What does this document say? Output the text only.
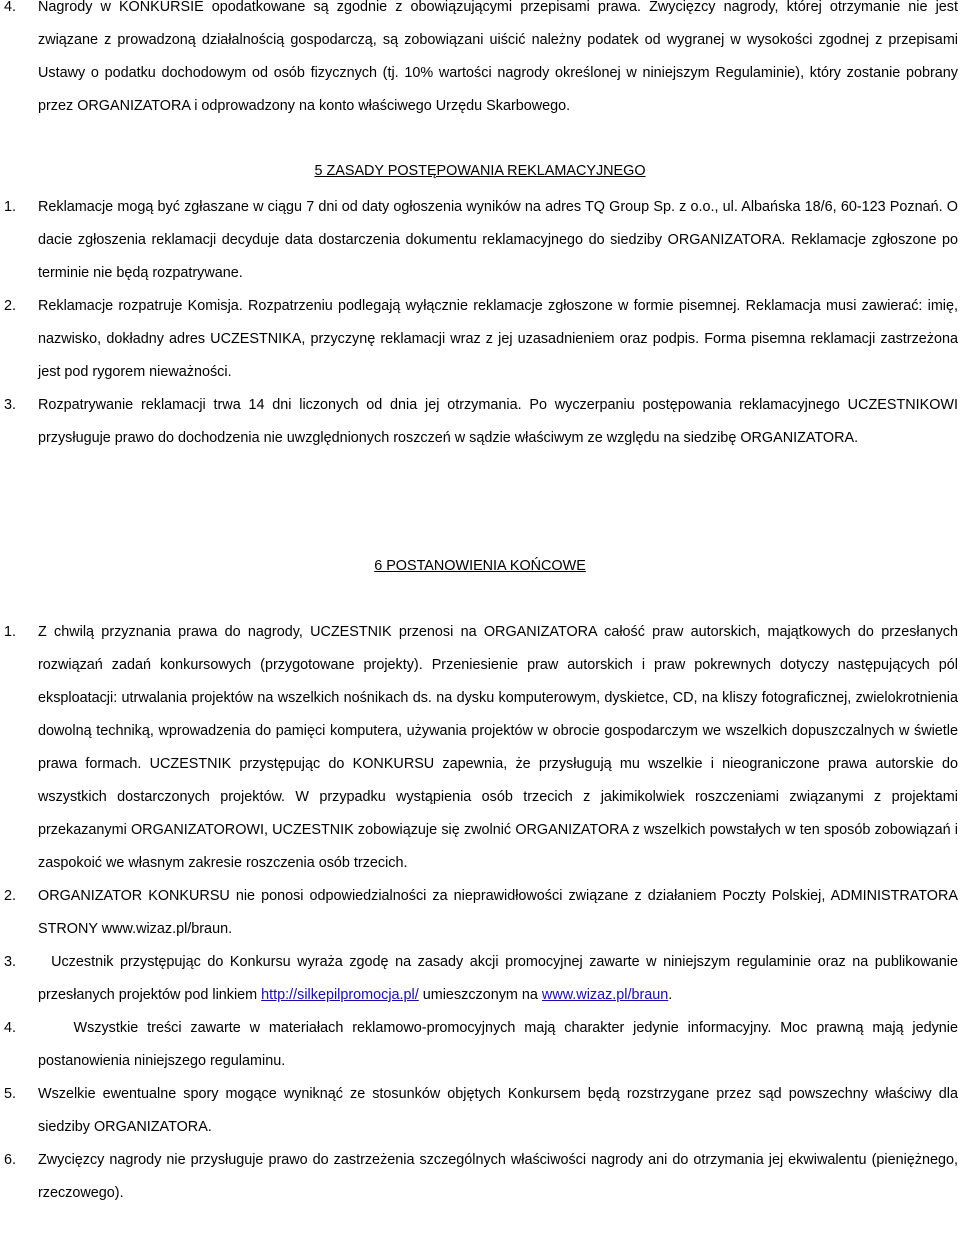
4. Nagrody w KONKURSIE opodatkowane są zgodnie z obowiązującymi przepisami prawa. Zwycięzcy nagrody, której otrzymanie nie jest związane z prowadzoną działalnością gospodarczą, są zobowiązani uiścić należny podatek od wygranej w wysokości zgodnej z przepisami Ustawy o podatku dochodowym od osób fizycznych (tj. 10% wartości nagrody określonej w niniejszym Regulaminie), który zostanie pobrany przez ORGANIZATORA i odprowadzony na konto właściwego Urzędu Skarbowego.
5 ZASADY POSTĘPOWANIA REKLAMACYJNEGO
1. Reklamacje mogą być zgłaszane w ciągu 7 dni od daty ogłoszenia wyników na adres TQ Group Sp. z o.o., ul. Albańska 18/6, 60-123 Poznań. O dacie zgłoszenia reklamacji decyduje data dostarczenia dokumentu reklamacyjnego do siedziby ORGANIZATORA. Reklamacje zgłoszone po terminie nie będą rozpatrywane.
2. Reklamacje rozpatruje Komisja. Rozpatrzeniu podlegają wyłącznie reklamacje zgłoszone w formie pisemnej. Reklamacja musi zawierać: imię, nazwisko, dokładny adres UCZESTNIKA, przyczynę reklamacji wraz z jej uzasadnieniem oraz podpis. Forma pisemna reklamacji zastrzeżona jest pod rygorem nieważności.
3. Rozpatrywanie reklamacji trwa 14 dni liczonych od dnia jej otrzymania. Po wyczerpaniu postępowania reklamacyjnego UCZESTNIKOWI przysługuje prawo do dochodzenia nie uwzględnionych roszczeń w sądzie właściwym ze względu na siedzibę ORGANIZATORA.
6 POSTANOWIENIA KOŃCOWE
1. Z chwilą przyznania prawa do nagrody, UCZESTNIK przenosi na ORGANIZATORA całość praw autorskich, majątkowych do przesłanych rozwiązań zadań konkursowych (przygotowane projekty). Przeniesienie praw autorskich i praw pokrewnych dotyczy następujących pól eksploatacji: utrwalania projektów na wszelkich nośnikach ds. na dysku komputerowym, dyskietce, CD, na kliszy fotograficznej, zwielokrotnienia dowolną techniką, wprowadzenia do pamięci komputera, używania projektów w obrocie gospodarczym we wszelkich dopuszczalnych w świetle prawa formach. UCZESTNIK przystępując do KONKURSU zapewnia, że przysługują mu wszelkie i nieograniczone prawa autorskie do wszystkich dostarczonych projektów. W przypadku wystąpienia osób trzecich z jakimikolwiek roszczeniami związanymi z projektami przekazanymi ORGANIZATOROWI, UCZESTNIK zobowiązuje się zwolnić ORGANIZATORA z wszelkich powstałych w ten sposób zobowiązań i zaspokoić we własnym zakresie roszczenia osób trzecich.
2. ORGANIZATOR KONKURSU nie ponosi odpowiedzialności za nieprawidłowości związane z działaniem Poczty Polskiej, ADMINISTRATORA STRONY www.wizaz.pl/braun.
3. Uczestnik przystępując do Konkursu wyraża zgodę na zasady akcji promocyjnej zawarte w niniejszym regulaminie oraz na publikowanie przesłanych projektów pod linkiem http://silkepilpromocja.pl/ umieszczonym na www.wizaz.pl/braun.
4.	Wszystkie treści zawarte w materiałach reklamowo-promocyjnych mają charakter jedynie informacyjny. Moc prawną mają jedynie postanowienia niniejszego regulaminu.
5. Wszelkie ewentualne spory mogące wyniknąć ze stosunków objętych Konkursem będą rozstrzygane przez sąd powszechny właściwy dla siedziby ORGANIZATORA.
6. Zwycięzcy nagrody nie przysługuje prawo do zastrzeżenia szczególnych właściwości nagrody ani do otrzymania jej ekwiwalentu (pieniężnego, rzeczowego).
